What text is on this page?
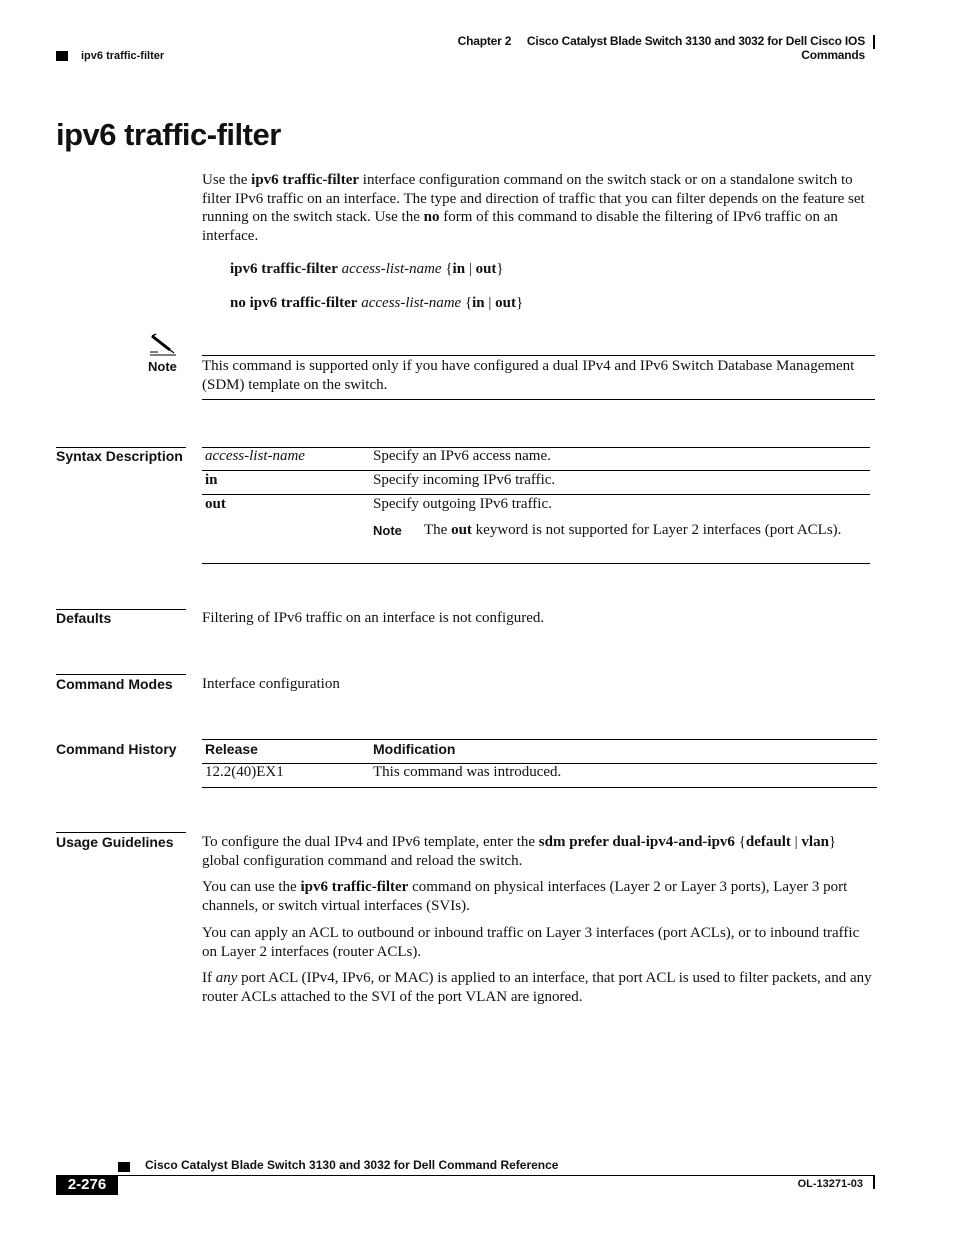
Chapter 2 Cisco Catalyst Blade Switch 3130 and 3032 for Dell Cisco IOS Commands
ipv6 traffic-filter
ipv6 traffic-filter
Use the ipv6 traffic-filter interface configuration command on the switch stack or on a standalone switch to filter IPv6 traffic on an interface. The type and direction of traffic that you can filter depends on the feature set running on the switch stack. Use the no form of this command to disable the filtering of IPv6 traffic on an interface.
ipv6 traffic-filter access-list-name {in | out}
no ipv6 traffic-filter access-list-name {in | out}
Note This command is supported only if you have configured a dual IPv4 and IPv6 Switch Database Management (SDM) template on the switch.
Syntax Description access-list-name	Specify an IPv6 access name.
in	Specify incoming IPv6 traffic.
out	Specify outgoing IPv6 traffic.
Note The out keyword is not supported for Layer 2 interfaces (port ACLs).
Defaults	Filtering of IPv6 traffic on an interface is not configured.
Command Modes Interface configuration
Command History Release	Modification
12.2(40)EX1	This command was introduced.
Usage Guidelines To configure the dual IPv4 and IPv6 template, enter the sdm prefer dual-ipv4-and-ipv6 {default | vlan} global configuration command and reload the switch.
You can use the ipv6 traffic-filter command on physical interfaces (Layer 2 or Layer 3 ports), Layer 3 port channels, or switch virtual interfaces (SVIs).
You can apply an ACL to outbound or inbound traffic on Layer 3 interfaces (port ACLs), or to inbound traffic on Layer 2 interfaces (router ACLs).
If any port ACL (IPv4, IPv6, or MAC) is applied to an interface, that port ACL is used to filter packets, and any router ACLs attached to the SVI of the port VLAN are ignored.
Cisco Catalyst Blade Switch 3130 and 3032 for Dell Command Reference
2-276	OL-13271-03
